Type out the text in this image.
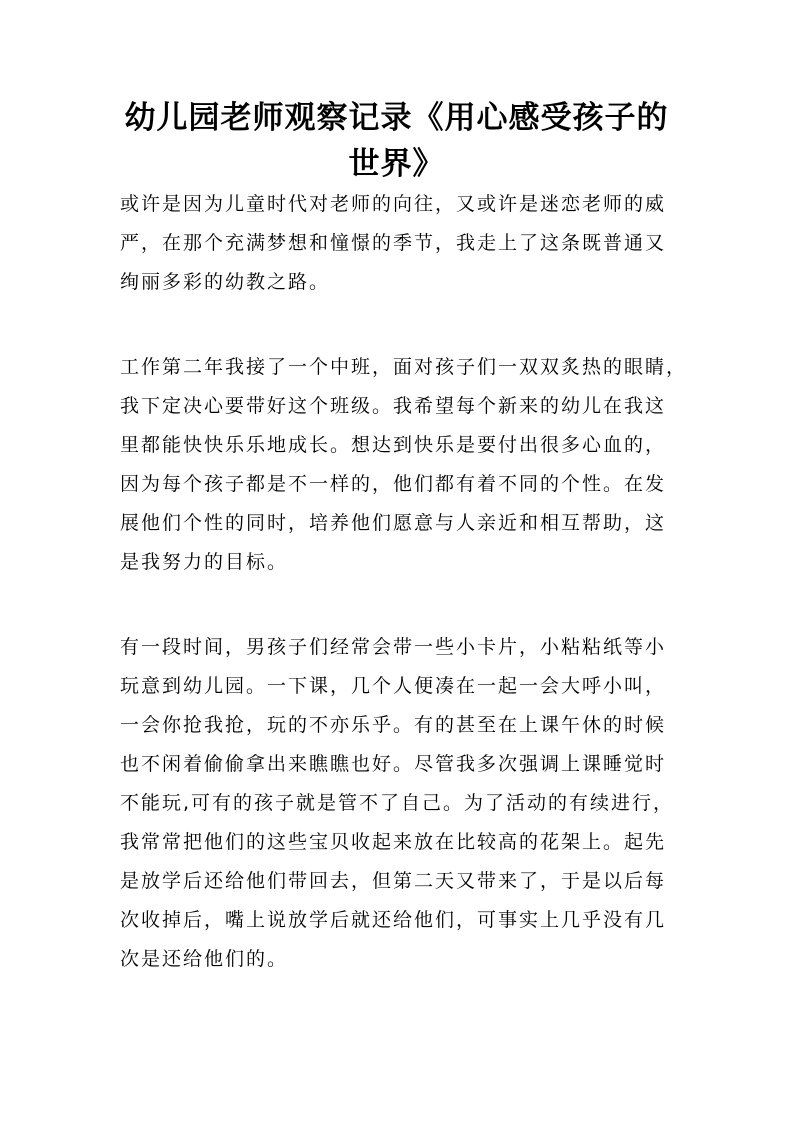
幼儿园老师观察记录《用心感受孩子的
世界》

或许是因为儿童时代对老师的向往，又或许是迷恋老师的威
严，在那个充满梦想和憧憬的季节，我走上了这条既普通又
绚丽多彩的幼教之路。

工作第二年我接了一个中班，面对孩子们一双双炙热的眼睛，
我下定决心要带好这个班级。我希望每个新来的幼儿在我这
里都能快快乐乐地成长。想达到快乐是要付出很多心血的，
因为每个孩子都是不一样的，他们都有着不同的个性。在发
展他们个性的同时，培养他们愿意与人亲近和相互帮助，这
是我努力的目标。

有一段时间，男孩子们经常会带一些小卡片，小粘粘纸等小
玩意到幼儿园。一下课，几个人便凑在一起一会大呼小叫，
一会你抢我抢，玩的不亦乐乎。有的甚至在上课午休的时候
也不闲着偷偷拿出来瞧瞧也好。尽管我多次强调上课睡觉时
不能玩,可有的孩子就是管不了自己。为了活动的有续进行，
我常常把他们的这些宝贝收起来放在比较高的花架上。起先
是放学后还给他们带回去，但第二天又带来了，于是以后每
次收掉后，嘴上说放学后就还给他们，可事实上几乎没有几
次是还给他们的。
